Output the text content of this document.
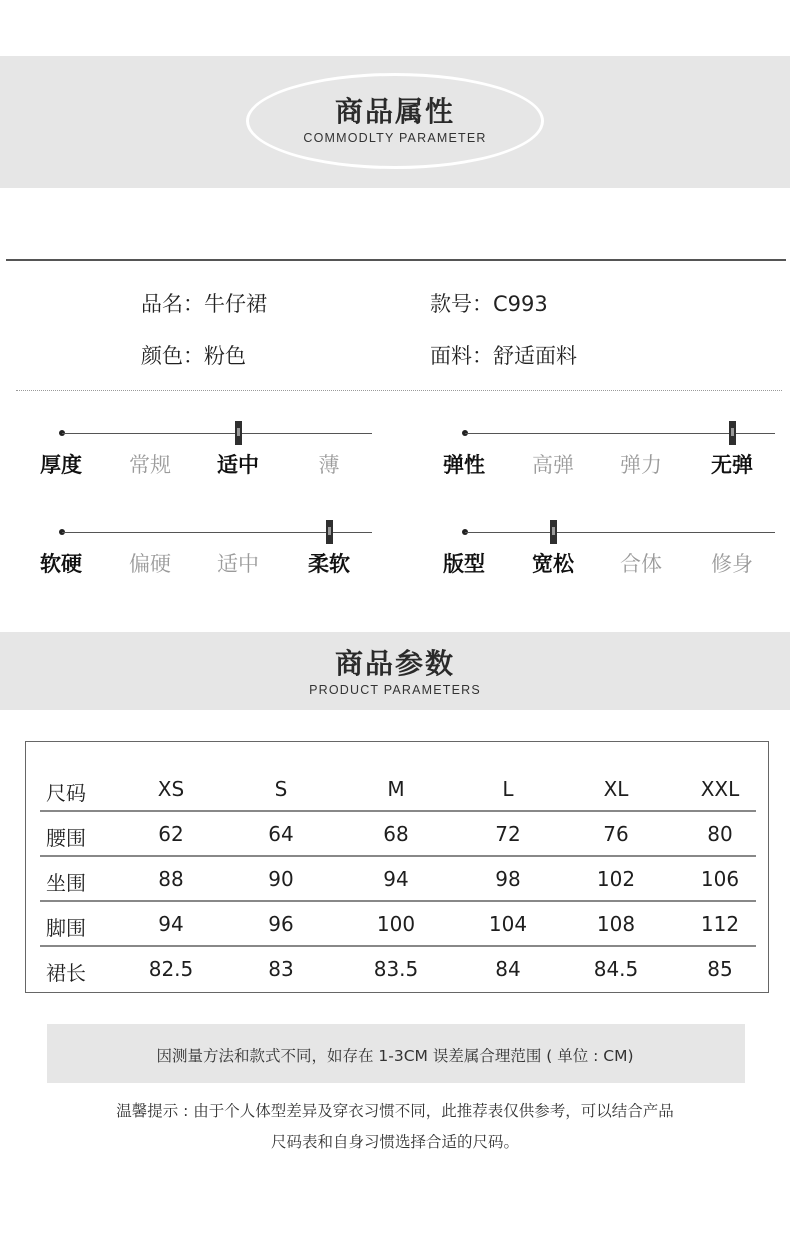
商品属性
COMMODLTY PARAMETER
品名：牛仔裙	款号：C993
颜色：粉色	面料：舒适面料
厚度	常规	适中	薄	弹性	高弹	弹力	无弹
软硬	偏硬	适中	柔软	版型	宽松	合体	修身
商品参数
PRODUCT PARAMETERS
尺码	XS	S	M	L	XL	XXL
腰围	62	64	68	72	76	80
坐围	88	90	94	98	102	106
脚围	94	96	100	104	108	112
裙长	82.5	83	83.5	84	84.5	85
因测量方法和款式不同，如存在 1-3CM 误差属合理范围 ( 单位 : CM)
温馨提示 : 由于个人体型差异及穿衣习惯不同，此推荐表仅供参考，可以结合产品
尺码表和自身习惯选择合适的尺码。
